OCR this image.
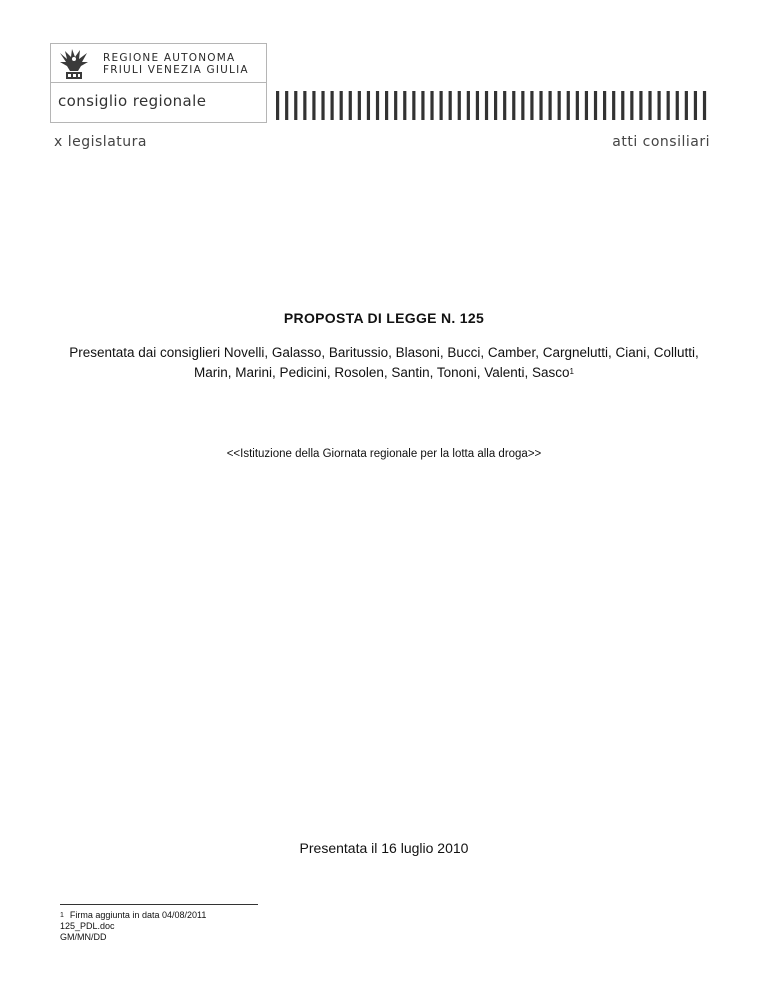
REGIONE AUTONOMA
FRIULI VENEZIA GIULIA
consiglio regionale
x legislatura	atti consiliari
PROPOSTA DI LEGGE N. 125
Presentata dai consiglieri Novelli, Galasso, Baritussio, Blasoni, Bucci, Camber, Cargnelutti, Ciani, Collutti, Marin, Marini, Pedicini, Rosolen, Santin, Tononi, Valenti, Sasco$^1$
<<Istituzione della Giornata regionale per la lotta alla droga>>
Presentata il 16 luglio 2010
$^1$ Firma aggiunta in data 04/08/2011
125_PDL.doc
GM/MN/DD
